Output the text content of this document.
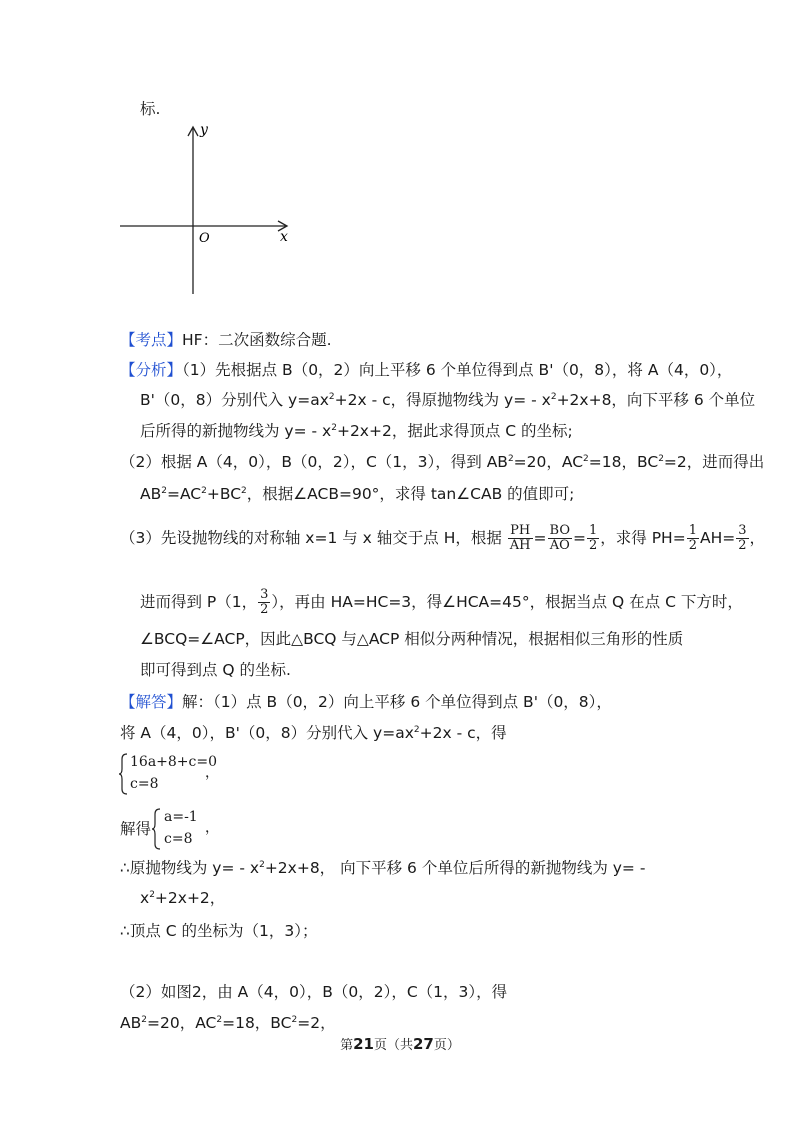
标.
y
x
O
【考点】HF：二次函数综合题.
【分析】（1）先根据点 B（0，2）向上平移 6 个单位得到点 B'（0，8），将 A（4，0），
B'（0，8）分别代入 $y=ax^2+2x - c$，得原抛物线为 $y= - x^2+2x+8$，向下平移 6 个单位
后所得的新抛物线为 $y= - x^2+2x+2$，据此求得顶点 C 的坐标;
（2）根据 A（4，0），B（0，2），C（1，3），得到 $AB^2=20$，$AC^2=18$，$BC^2=2$，进而得出
$AB^2=AC^2+BC^2$，根据∠ACB=90°，求得 tan∠CAB 的值即可;
（3）先设抛物线的对称轴 x=1 与 x 轴交于点 H，根据 $\frac{PH}{AH} = \frac{BO}{AO} = \frac{1}{2}$ ，求得 $PH= \frac{1}{2} AH= \frac{3}{2}$ ，
进而得到 P（1， $\frac{3}{2}$ ），再由 HA=HC=3，得∠HCA=45°，根据当点 Q 在点 C 下方时，
∠BCQ=∠ACP，因此△BCQ 与△ACP 相似分两种情况，根据相似三角形的性质
即可得到点 Q 的坐标.
【解答】解：（1）点 B（0，2）向上平移 6 个单位得到点 B'（0，8），
将 A（4，0），B'（0，8）分别代入 $y=ax^2+2x - c$，得
16a+8+c=0
c=8
，
解得
a=-1
c=8
，
∴原抛物线为 $y= - x^2+2x+8$， 向下平移 6 个单位后所得的新抛物线为 y= -
$x^2+2x+2$，
∴顶点 C 的坐标为（1，3）；
（2）如图2，由 A（4，0），B（0，2），C（1，3），得
$AB^2=20$，$AC^2=18$，$BC^2=2$，
第21页（共27页）
